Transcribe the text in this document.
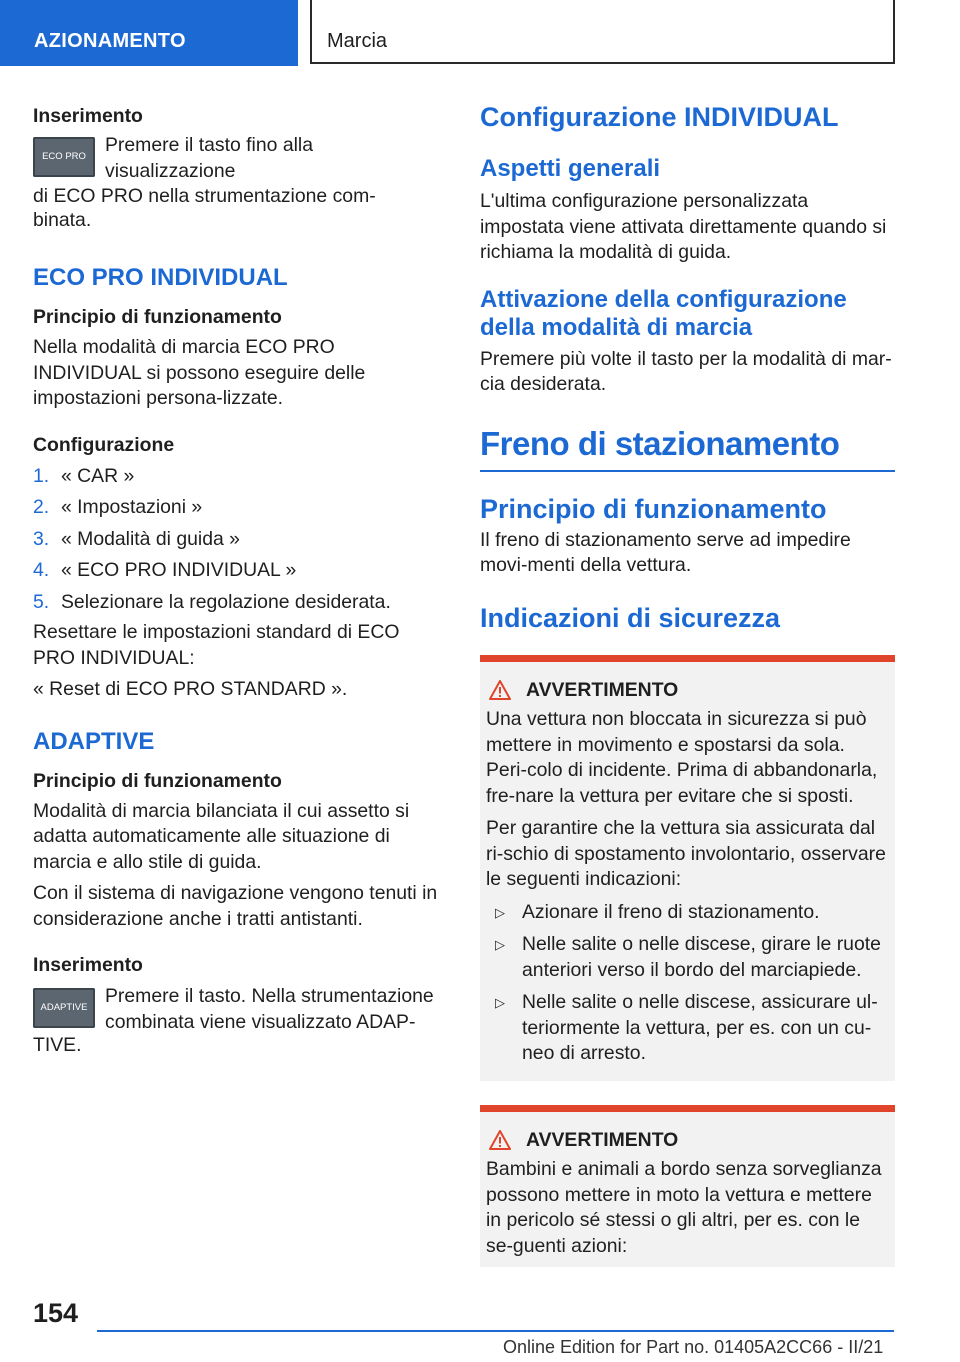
AZIONAMENTO	Marcia

Inserimento

ECO PRO

Premere il tasto fino alla visualizzazione

di ECO PRO nella strumentazione com-

binata.

ECO PRO INDIVIDUAL

Principio di funzionamento

Nella modalità di marcia ECO PRO INDIVIDUAL si possono eseguire delle impostazioni persona-lizzate.

Configurazione

1. « CAR »
2. « Impostazioni »
3. « Modalità di guida »
4. « ECO PRO INDIVIDUAL »
5. Selezionare la regolazione desiderata.

Resettare le impostazioni standard di ECO PRO INDIVIDUAL:

« Reset di ECO PRO STANDARD ».

ADAPTIVE

Principio di funzionamento

Modalità di marcia bilanciata il cui assetto si adatta automaticamente alle situazione di marcia e allo stile di guida.

Con il sistema di navigazione vengono tenuti in considerazione anche i tratti antistanti.

Inserimento

ADAPTIVE

Premere il tasto. Nella strumentazione

combinata viene visualizzato ADAP-

TIVE.

Configurazione INDIVIDUAL

Aspetti generali

L'ultima configurazione personalizzata impostata viene attivata direttamente quando si richiama la modalità di guida.

Attivazione della configurazione

della modalità di marcia

Premere più volte il tasto per la modalità di mar-cia desiderata.

Freno di stazionamento

Principio di funzionamento

Il freno di stazionamento serve ad impedire movi-menti della vettura.

Indicazioni di sicurezza

AVVERTIMENTO

Una vettura non bloccata in sicurezza si può mettere in movimento e spostarsi da sola. Peri-colo di incidente. Prima di abbandonarla, fre-nare la vettura per evitare che si sposti.

Per garantire che la vettura sia assicurata dal ri-schio di spostamento involontario, osservare le seguenti indicazioni:

▷ Azionare il freno di stazionamento.
▷ Nelle salite o nelle discese, girare le ruote anteriori verso il bordo del marciapiede.
▷ Nelle salite o nelle discese, assicurare ul-teriormente la vettura, per es. con un cu-neo di arresto.

AVVERTIMENTO

Bambini e animali a bordo senza sorveglianza possono mettere in moto la vettura e mettere in pericolo sé stessi o gli altri, per es. con le se-guenti azioni:

154
Online Edition for Part no. 01405A2CC66 - II/21
